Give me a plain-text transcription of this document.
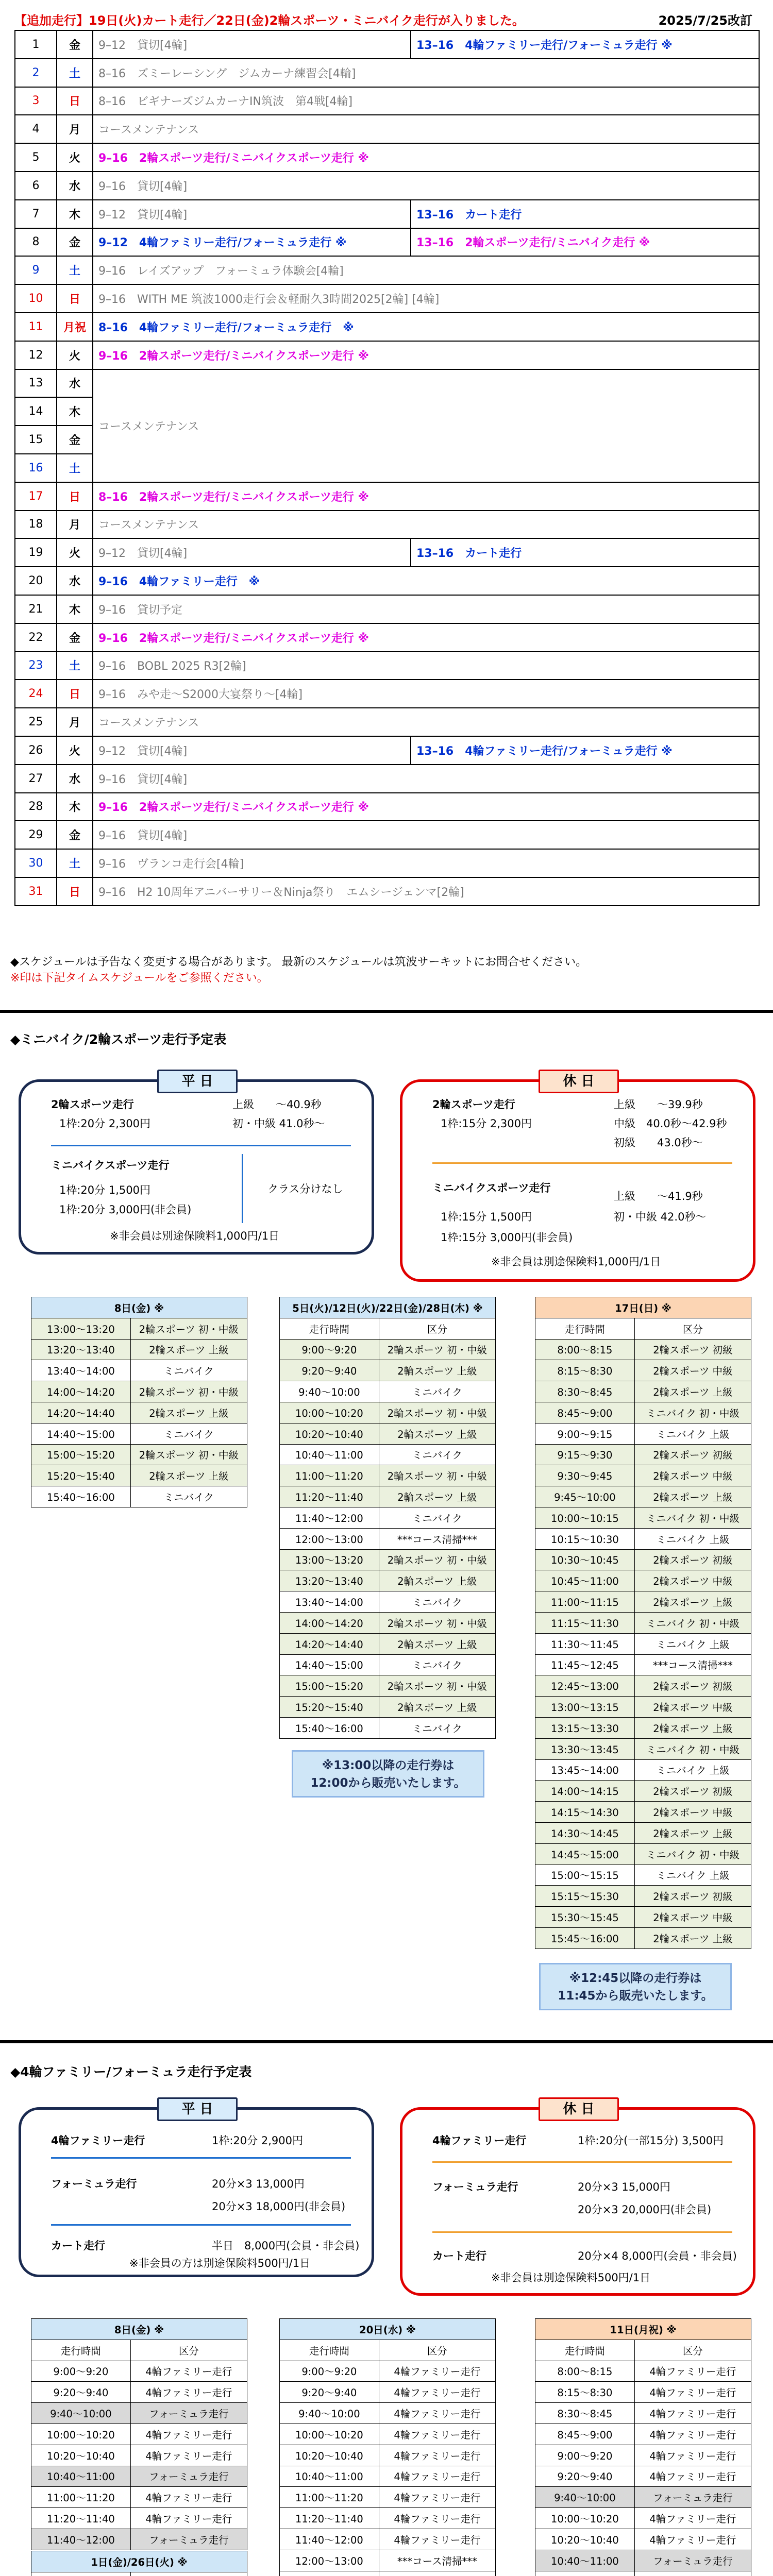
【追加走行】19日(火)カート走行／22日(金)2輪スポーツ・ミニバイク走行が入りました。	2025/7/25改訂
1	金	9–12　貸切[4輪]	13–16　4輪ファミリー走行/フォーミュラ走行 ※
2	土	8–16　ズミーレーシング　ジムカーナ練習会[4輪]	
3	日	8–16　ビギナーズジムカーナIN筑波　第4戦[4輪]	
4	月	コースメンテナンス	
5	火	9–16　2輪スポーツ走行/ミニバイクスポーツ走行 ※	
6	水	9–16　貸切[4輪]	
7	木	9–12　貸切[4輪]	13–16　カート走行
8	金	9–12　4輪ファミリー走行/フォーミュラ走行 ※	13–16　2輪スポーツ走行/ミニバイク走行 ※
9	土	9–16　レイズアップ　フォーミュラ体験会[4輪]	
10	日	9–16　WITH ME 筑波1000走行会＆軽耐久3時間2025[2輪] [4輪]	
11	月祝	8–16　4輪ファミリー走行/フォーミュラ走行　※	
12	火	9–16　2輪スポーツ走行/ミニバイクスポーツ走行 ※	
13	水	コースメンテナンス	
14	木		
15	金		
16	土		
17	日	8–16　2輪スポーツ走行/ミニバイクスポーツ走行 ※	
18	月	コースメンテナンス	
19	火	9–12　貸切[4輪]	13–16　カート走行
20	水	9–16　4輪ファミリー走行　※	
21	木	9–16　貸切予定	
22	金	9–16　2輪スポーツ走行/ミニバイクスポーツ走行 ※	
23	土	9–16　BOBL 2025 R3[2輪]	
24	日	9–16　みや走～S2000大宴祭り～[4輪]	
25	月	コースメンテナンス	
26	火	9–12　貸切[4輪]	13–16　4輪ファミリー走行/フォーミュラ走行 ※
27	水	9–16　貸切[4輪]	
28	木	9–16　2輪スポーツ走行/ミニバイクスポーツ走行 ※	
29	金	9–16　貸切[4輪]	
30	土	9–16　ヴランコ走行会[4輪]	
31	日	9–16　H2 10周年アニバーサリー＆Ninja祭り　エムシージェンマ[2輪]	
◆スケジュールは予告なく変更する場合があります。 最新のスケジュールは筑波サーキットにお問合せください。
※印は下記タイムスケジュールをご参照ください。
◆ミニバイク/2輪スポーツ走行予定表
平 日
2輪スポーツ走行
1枠:20分 2,300円
上級　　～40.9秒
初・中級 41.0秒～
ミニバイクスポーツ走行
1枠:20分 1,500円
1枠:20分 3,000円(非会員)
クラス分けなし
※非会員は別途保険料1,000円/1日
休 日
2輪スポーツ走行
1枠:15分 2,300円
上級　　～39.9秒
中級　40.0秒～42.9秒
初級　　43.0秒～
ミニバイクスポーツ走行
1枠:15分 1,500円
1枠:15分 3,000円(非会員)
上級　　～41.9秒
初・中級 42.0秒～
※非会員は別途保険料1,000円/1日
8日(金) ※	
13:00～13:20	2輪スポーツ 初・中級
13:20～13:40	2輪スポーツ 上級
13:40～14:00	ミニバイク
14:00～14:20	2輪スポーツ 初・中級
14:20～14:40	2輪スポーツ 上級
14:40～15:00	ミニバイク
15:00～15:20	2輪スポーツ 初・中級
15:20～15:40	2輪スポーツ 上級
15:40～16:00	ミニバイク
5日(火)/12日(火)/22日(金)/28日(木) ※	
走行時間	区分
9:00～9:20	2輪スポーツ 初・中級
9:20～9:40	2輪スポーツ 上級
9:40～10:00	ミニバイク
10:00～10:20	2輪スポーツ 初・中級
10:20～10:40	2輪スポーツ 上級
10:40～11:00	ミニバイク
11:00～11:20	2輪スポーツ 初・中級
11:20～11:40	2輪スポーツ 上級
11:40～12:00	ミニバイク
12:00～13:00	***コース清掃***
13:00～13:20	2輪スポーツ 初・中級
13:20～13:40	2輪スポーツ 上級
13:40～14:00	ミニバイク
14:00～14:20	2輪スポーツ 初・中級
14:20～14:40	2輪スポーツ 上級
14:40～15:00	ミニバイク
15:00～15:20	2輪スポーツ 初・中級
15:20～15:40	2輪スポーツ 上級
15:40～16:00	ミニバイク
17日(日) ※	
走行時間	区分
8:00～8:15	2輪スポーツ 初級
8:15～8:30	2輪スポーツ 中級
8:30～8:45	2輪スポーツ 上級
8:45～9:00	ミニバイク 初・中級
9:00～9:15	ミニバイク 上級
9:15～9:30	2輪スポーツ 初級
9:30～9:45	2輪スポーツ 中級
9:45～10:00	2輪スポーツ 上級
10:00～10:15	ミニバイク 初・中級
10:15～10:30	ミニバイク 上級
10:30～10:45	2輪スポーツ 初級
10:45～11:00	2輪スポーツ 中級
11:00～11:15	2輪スポーツ 上級
11:15～11:30	ミニバイク 初・中級
11:30～11:45	ミニバイク 上級
11:45～12:45	***コース清掃***
12:45～13:00	2輪スポーツ 初級
13:00～13:15	2輪スポーツ 中級
13:15～13:30	2輪スポーツ 上級
13:30～13:45	ミニバイク 初・中級
13:45～14:00	ミニバイク 上級
14:00～14:15	2輪スポーツ 初級
14:15～14:30	2輪スポーツ 中級
14:30～14:45	2輪スポーツ 上級
14:45～15:00	ミニバイク 初・中級
15:00～15:15	ミニバイク 上級
15:15～15:30	2輪スポーツ 初級
15:30～15:45	2輪スポーツ 中級
15:45～16:00	2輪スポーツ 上級
※13:00以降の走行券は
12:00から販売いたします。
※12:45以降の走行券は
11:45から販売いたします。
◆4輪ファミリー/フォーミュラ走行予定表
平 日
4輪ファミリー走行	1枠:20分 2,900円
フォーミュラ走行	20分×3 13,000円
20分×3 18,000円(非会員)
カート走行	半日　8,000円(会員・非会員)
※非会員の方は別途保険料500円/1日
休 日
4輪ファミリー走行	1枠:20分(一部15分) 3,500円
フォーミュラ走行	20分×3 15,000円
20分×3 20,000円(非会員)
カート走行	20分×4 8,000円(会員・非会員)
※非会員は別途保険料500円/1日
8日(金) ※	
走行時間	区分
9:00～9:20	4輪ファミリー走行
9:20～9:40	4輪ファミリー走行
9:40～10:00	フォーミュラ走行
10:00～10:20	4輪ファミリー走行
10:20～10:40	4輪ファミリー走行
10:40～11:00	フォーミュラ走行
11:00～11:20	4輪ファミリー走行
11:20～11:40	4輪ファミリー走行
11:40～12:00	フォーミュラ走行
1日(金)/26日(火) ※	

20日(水) ※	
走行時間	区分
9:00～9:20	4輪ファミリー走行
9:20～9:40	4輪ファミリー走行
9:40～10:00	4輪ファミリー走行
10:00～10:20	4輪ファミリー走行
10:20～10:40	4輪ファミリー走行
10:40～11:00	4輪ファミリー走行
11:00～11:20	4輪ファミリー走行
11:20～11:40	4輪ファミリー走行
11:40～12:00	4輪ファミリー走行
12:00～13:00	***コース清掃***

11日(月祝) ※	
走行時間	区分
8:00～8:15	4輪ファミリー走行
8:15～8:30	4輪ファミリー走行
8:30～8:45	4輪ファミリー走行
8:45～9:00	4輪ファミリー走行
9:00～9:20	4輪ファミリー走行
9:20～9:40	4輪ファミリー走行
9:40～10:00	フォーミュラ走行
10:00～10:20	4輪ファミリー走行
10:20～10:40	4輪ファミリー走行
10:40～11:00	フォーミュラ走行
